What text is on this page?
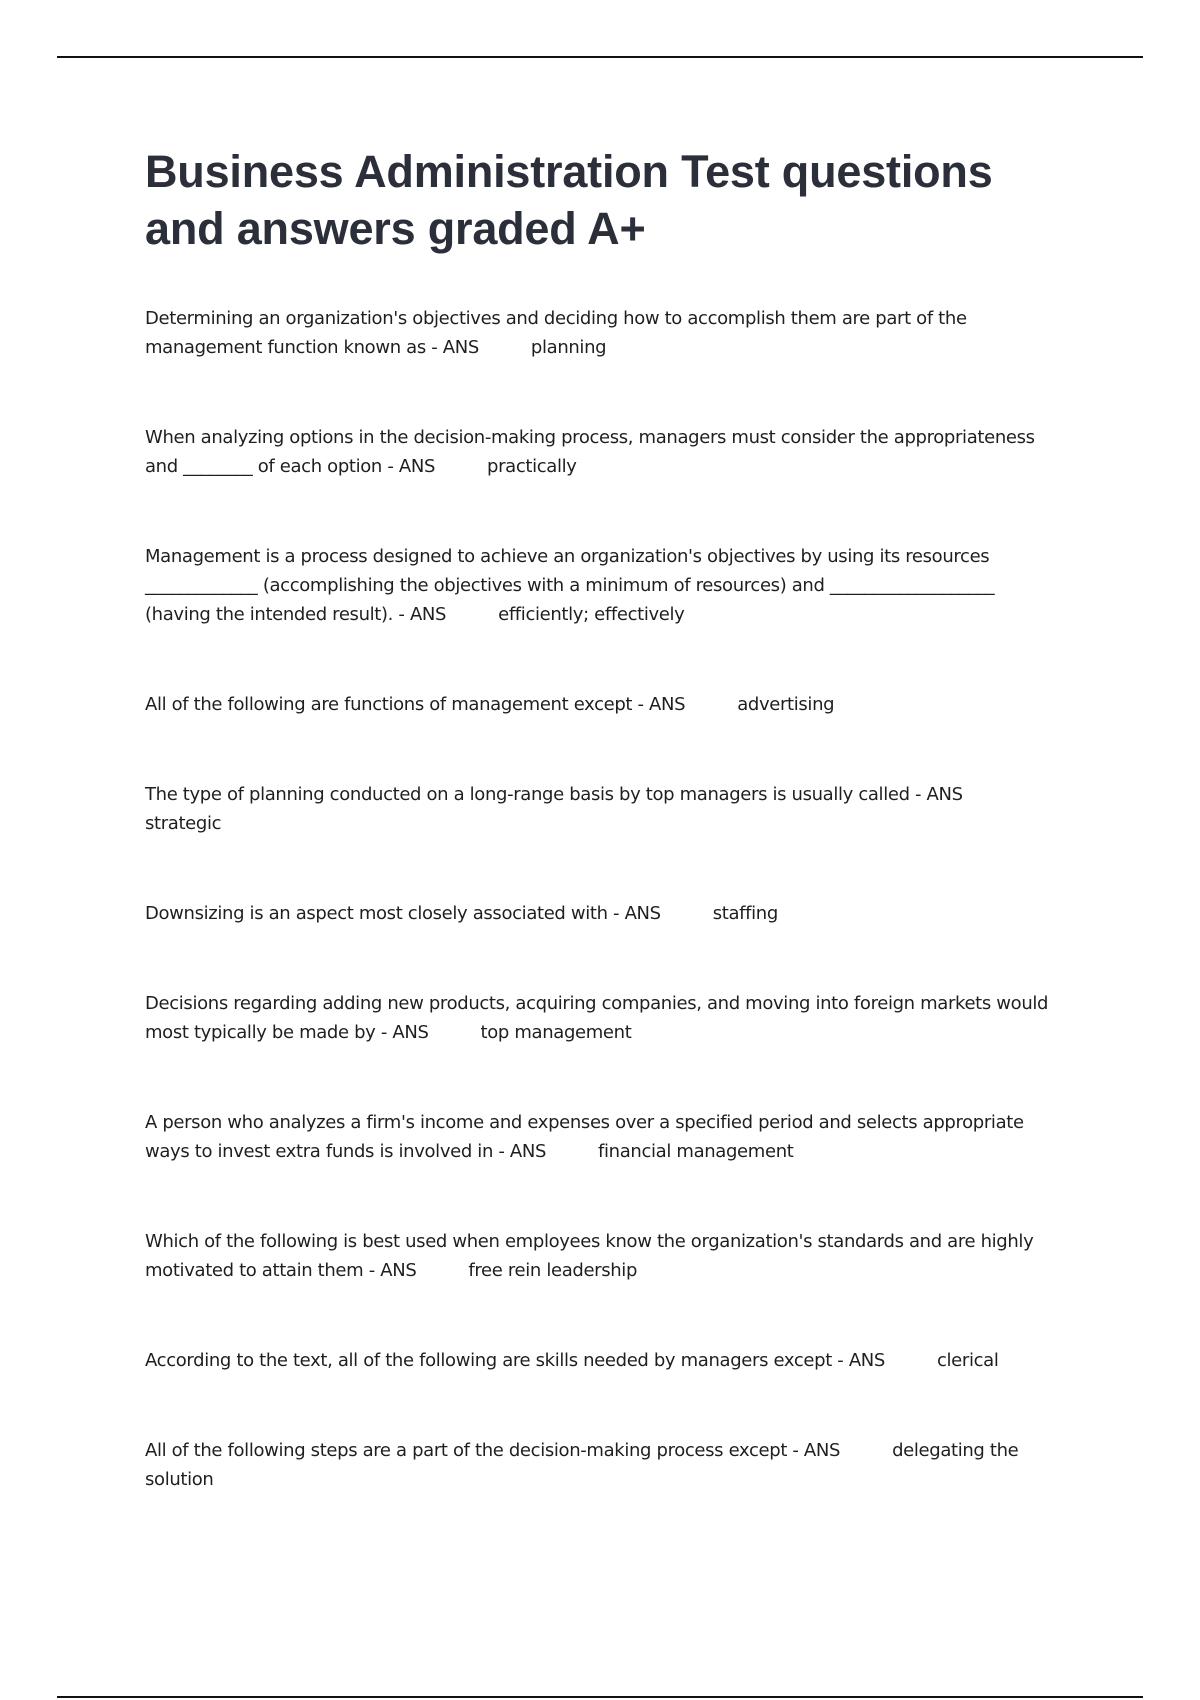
Business Administration Test questions and answers graded A+

Determining an organization's objectives and deciding how to accomplish them are part of the management function known as - ANS	planning

When analyzing options in the decision-making process, managers must consider the appropriateness and ________ of each option - ANS	practically

Management is a process designed to achieve an organization's objectives by using its resources _____________ (accomplishing the objectives with a minimum of resources) and ___________________ (having the intended result). - ANS	efficiently; effectively

All of the following are functions of management except - ANS	advertising

The type of planning conducted on a long-range basis by top managers is usually called - ANSstrategic

Downsizing is an aspect most closely associated with - ANS	staffing

Decisions regarding adding new products, acquiring companies, and moving into foreign markets would most typically be made by - ANS	top management

A person who analyzes a firm's income and expenses over a specified period and selects appropriate ways to invest extra funds is involved in - ANS	financial management

Which of the following is best used when employees know the organization's standards and are highly motivated to attain them - ANS	free rein leadership

According to the text, all of the following are skills needed by managers except - ANS	clerical

All of the following steps are a part of the decision-making process except - ANS	delegating the solution
